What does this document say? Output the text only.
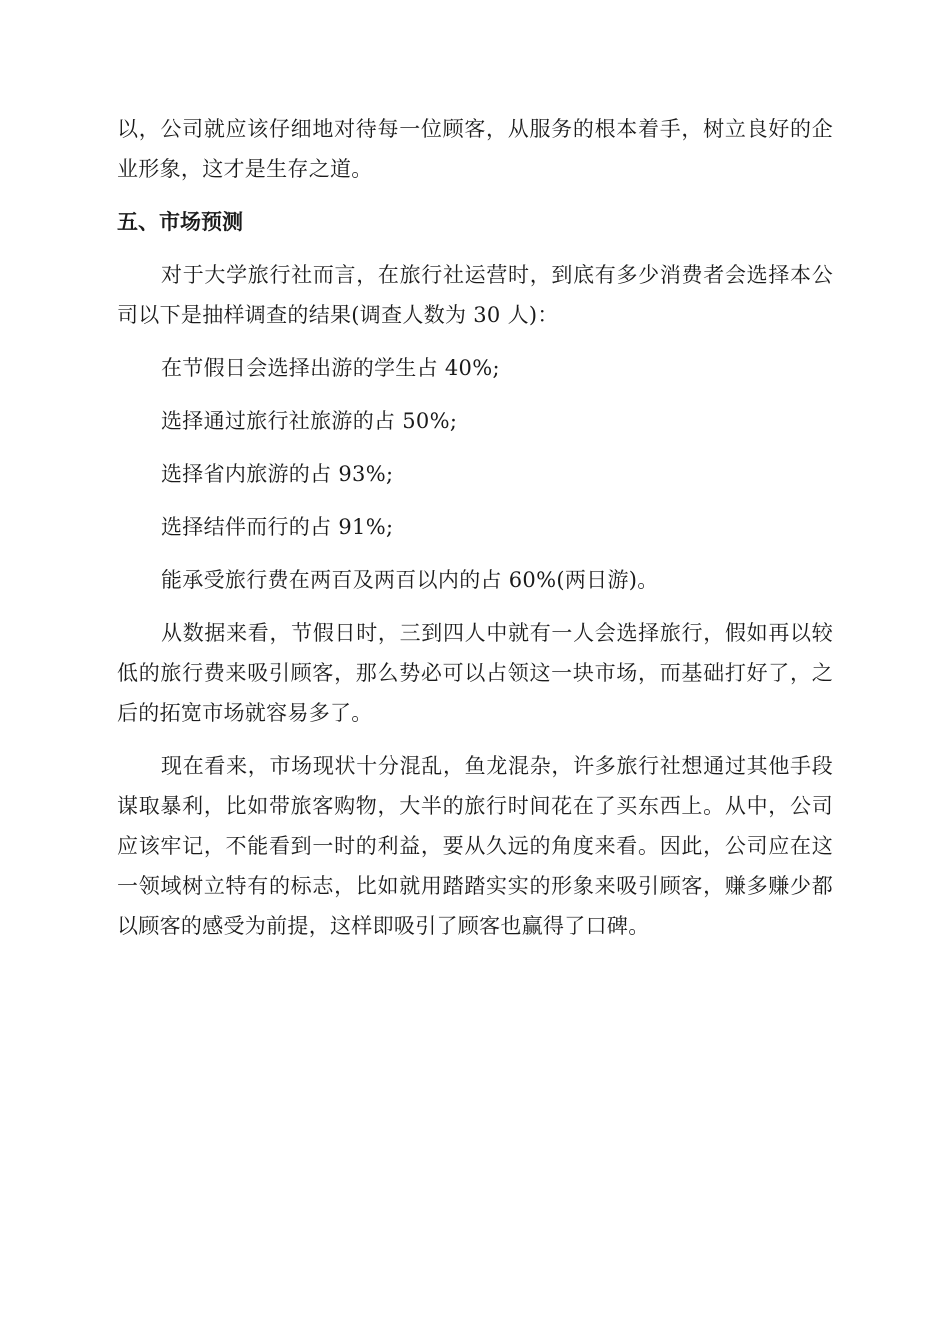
以，公司就应该仔细地对待每一位顾客，从服务的根本着手，树立良好的企业形象，这才是生存之道。

五、市场预测

对于大学旅行社而言，在旅行社运营时，到底有多少消费者会选择本公司以下是抽样调查的结果(调查人数为 30 人)：

在节假日会选择出游的学生占 40%;

选择通过旅行社旅游的占 50%;

选择省内旅游的占 93%;

选择结伴而行的占 91%;

能承受旅行费在两百及两百以内的占 60%(两日游)。

从数据来看，节假日时，三到四人中就有一人会选择旅行，假如再以较低的旅行费来吸引顾客，那么势必可以占领这一块市场，而基础打好了，之后的拓宽市场就容易多了。

现在看来，市场现状十分混乱，鱼龙混杂，许多旅行社想通过其他手段谋取暴利，比如带旅客购物，大半的旅行时间花在了买东西上。从中，公司应该牢记，不能看到一时的利益，要从久远的角度来看。因此，公司应在这一领域树立特有的标志，比如就用踏踏实实的形象来吸引顾客，赚多赚少都以顾客的感受为前提，这样即吸引了顾客也赢得了口碑。
